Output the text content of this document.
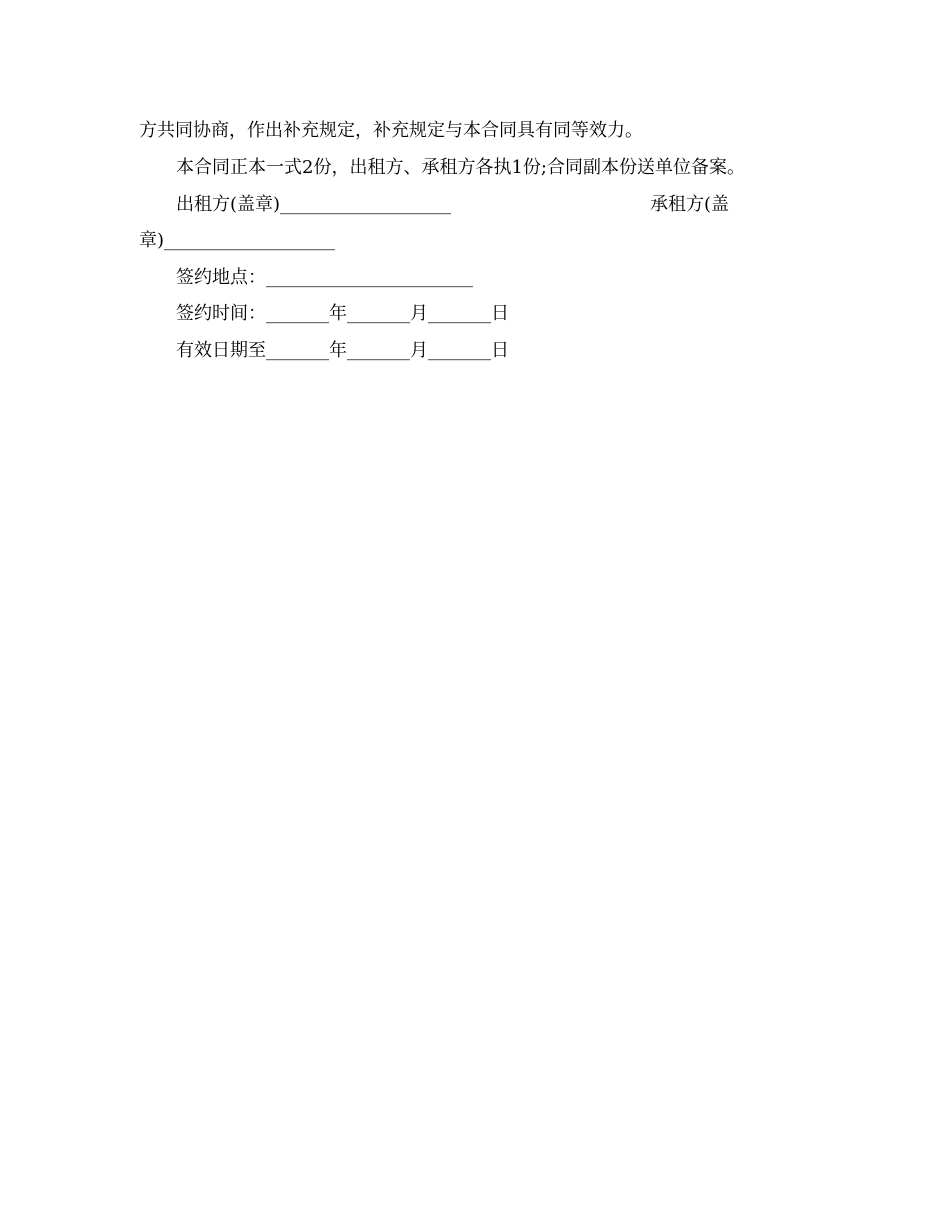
方共同协商，作出补充规定，补充规定与本合同具有同等效力。
本合同正本一式2份，出租方、承租方各执1份;合同副本份送单位备案。
出租方(盖章)___________________	承租方(盖
章)___________________
签约地点：_______________________
签约时间：_______年_______月_______日
有效日期至_______年_______月_______日
